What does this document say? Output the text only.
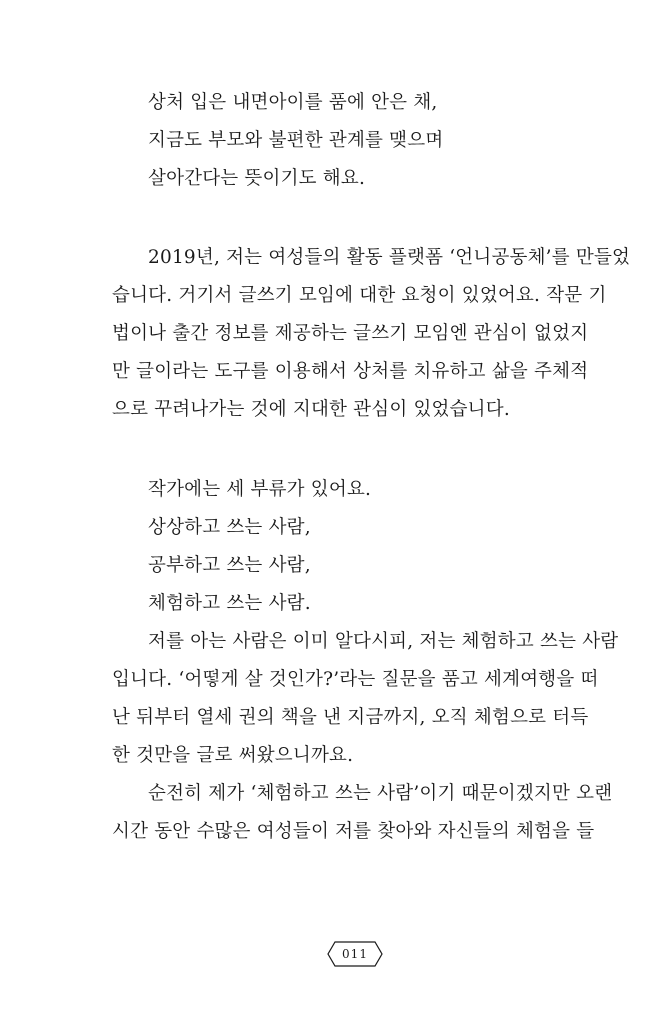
상처 입은 내면아이를 품에 안은 채,
지금도 부모와 불편한 관계를 맺으며
살아간다는 뜻이기도 해요.
2019년, 저는 여성들의 활동 플랫폼 ‘언니공동체’를 만들었
습니다. 거기서 글쓰기 모임에 대한 요청이 있었어요. 작문 기
법이나 출간 정보를 제공하는 글쓰기 모임엔 관심이 없었지
만 글이라는 도구를 이용해서 상처를 치유하고 삶을 주체적
으로 꾸려나가는 것에 지대한 관심이 있었습니다.
작가에는 세 부류가 있어요.
상상하고 쓰는 사람,
공부하고 쓰는 사람,
체험하고 쓰는 사람.
저를 아는 사람은 이미 알다시피, 저는 체험하고 쓰는 사람
입니다. ‘어떻게 살 것인가?’라는 질문을 품고 세계여행을 떠
난 뒤부터 열세 권의 책을 낸 지금까지, 오직 체험으로 터득
한 것만을 글로 써왔으니까요.
순전히 제가 ‘체험하고 쓰는 사람’이기 때문이겠지만 오랜
시간 동안 수많은 여성들이 저를 찾아와 자신들의 체험을 들
011
